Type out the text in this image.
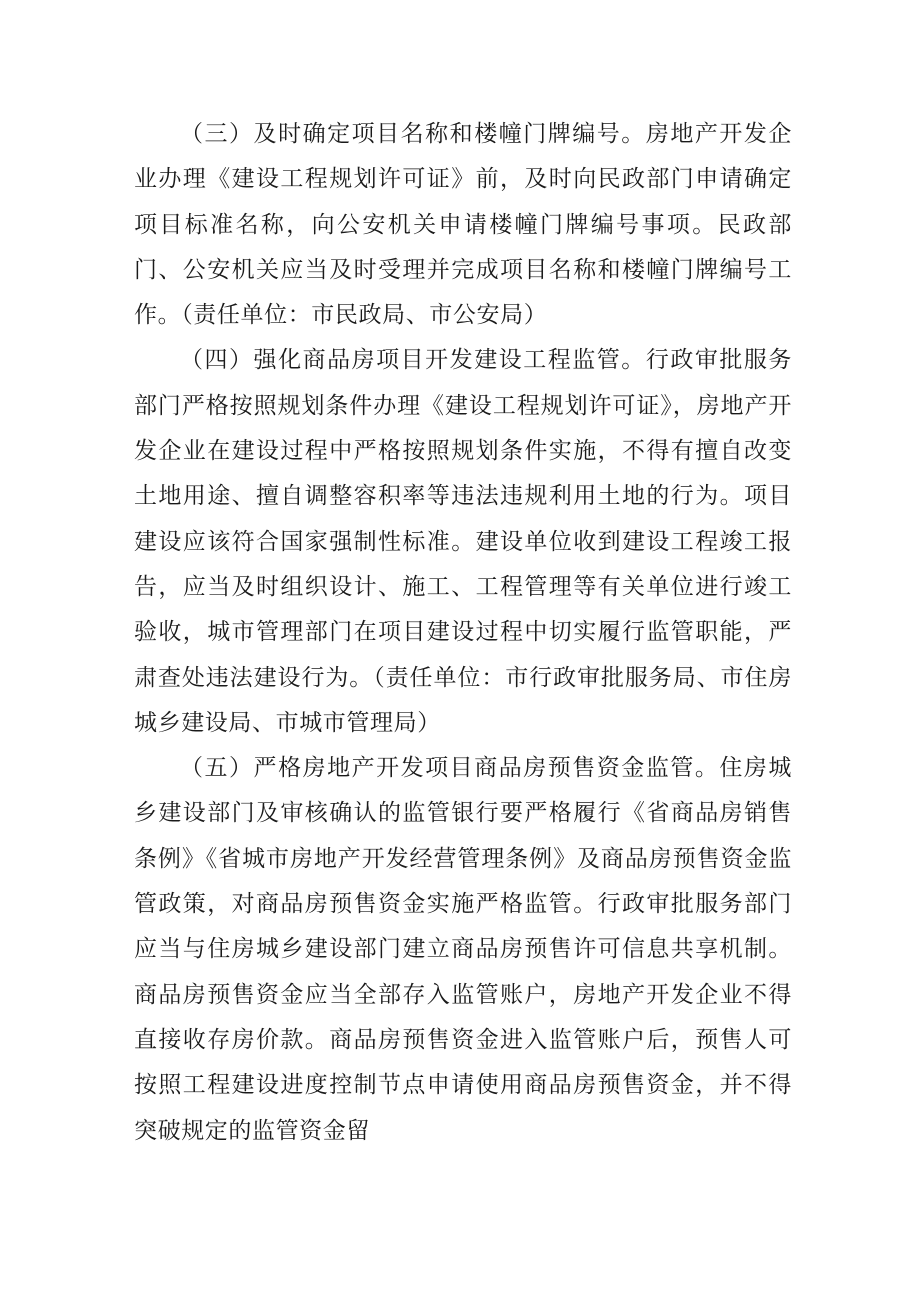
（三）及时确定项目名称和楼幢门牌编号。房地产开发企业办理《建设工程规划许可证》前，及时向民政部门申请确定项目标准名称，向公安机关申请楼幢门牌编号事项。民政部门、公安机关应当及时受理并完成项目名称和楼幢门牌编号工作。（责任单位：市民政局、市公安局）

（四）强化商品房项目开发建设工程监管。行政审批服务部门严格按照规划条件办理《建设工程规划许可证》，房地产开发企业在建设过程中严格按照规划条件实施，不得有擅自改变土地用途、擅自调整容积率等违法违规利用土地的行为。项目建设应该符合国家强制性标准。建设单位收到建设工程竣工报告，应当及时组织设计、施工、工程管理等有关单位进行竣工验收，城市管理部门在项目建设过程中切实履行监管职能，严肃查处违法建设行为。（责任单位：市行政审批服务局、市住房城乡建设局、市城市管理局）

（五）严格房地产开发项目商品房预售资金监管。住房城乡建设部门及审核确认的监管银行要严格履行《省商品房销售条例》《省城市房地产开发经营管理条例》及商品房预售资金监管政策，对商品房预售资金实施严格监管。行政审批服务部门应当与住房城乡建设部门建立商品房预售许可信息共享机制。商品房预售资金应当全部存入监管账户，房地产开发企业不得直接收存房价款。商品房预售资金进入监管账户后，预售人可按照工程建设进度控制节点申请使用商品房预售资金，并不得突破规定的监管资金留
